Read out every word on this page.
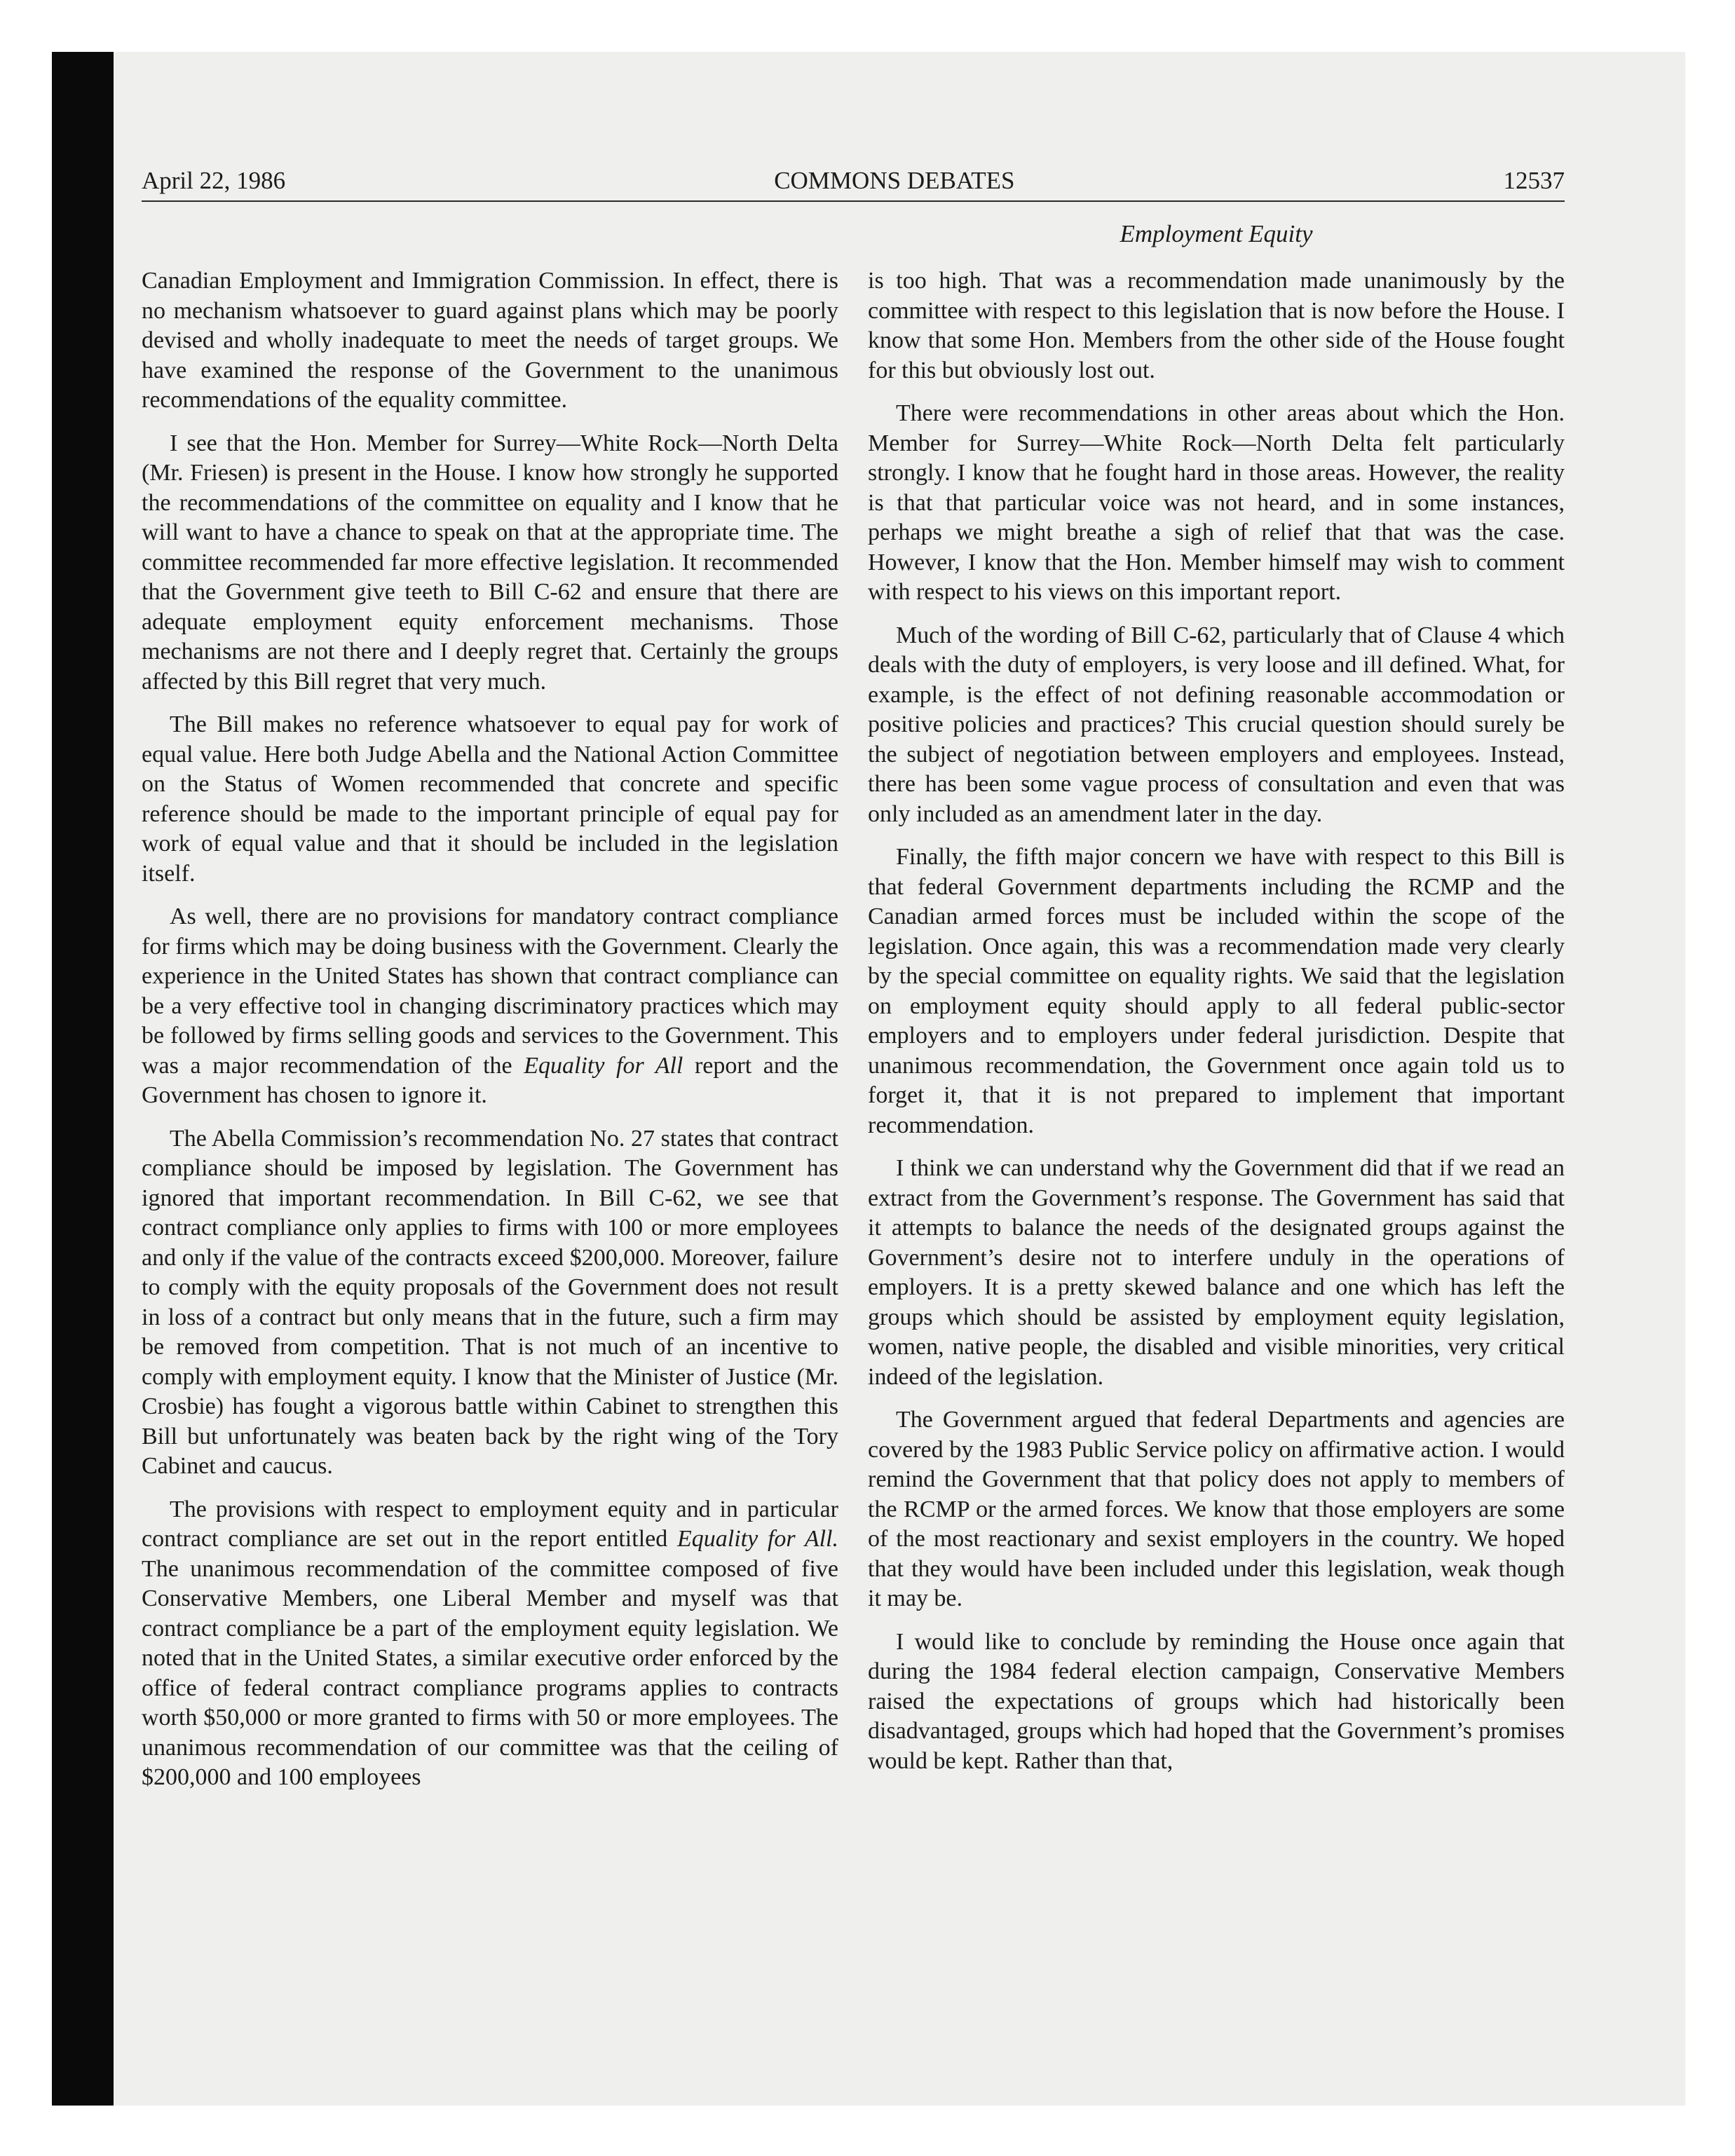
April 22, 1986	COMMONS DEBATES	12537
Employment Equity

Canadian Employment and Immigration Commission. In effect, there is no mechanism whatsoever to guard against plans which may be poorly devised and wholly inadequate to meet the needs of target groups. We have examined the response of the Government to the unanimous recommendations of the equality committee.

I see that the Hon. Member for Surrey—White Rock—North Delta (Mr. Friesen) is present in the House. I know how strongly he supported the recommendations of the committee on equality and I know that he will want to have a chance to speak on that at the appropriate time. The committee recommended far more effective legislation. It recommended that the Government give teeth to Bill C-62 and ensure that there are adequate employment equity enforcement mechanisms. Those mechanisms are not there and I deeply regret that. Certainly the groups affected by this Bill regret that very much.

The Bill makes no reference whatsoever to equal pay for work of equal value. Here both Judge Abella and the National Action Committee on the Status of Women recommended that concrete and specific reference should be made to the important principle of equal pay for work of equal value and that it should be included in the legislation itself.

As well, there are no provisions for mandatory contract compliance for firms which may be doing business with the Government. Clearly the experience in the United States has shown that contract compliance can be a very effective tool in changing discriminatory practices which may be followed by firms selling goods and services to the Government. This was a major recommendation of the Equality for All report and the Government has chosen to ignore it.

The Abella Commission’s recommendation No. 27 states that contract compliance should be imposed by legislation. The Government has ignored that important recommendation. In Bill C-62, we see that contract compliance only applies to firms with 100 or more employees and only if the value of the contracts exceed $200,000. Moreover, failure to comply with the equity proposals of the Government does not result in loss of a contract but only means that in the future, such a firm may be removed from competition. That is not much of an incentive to comply with employment equity. I know that the Minister of Justice (Mr. Crosbie) has fought a vigorous battle within Cabinet to strengthen this Bill but unfortunately was beaten back by the right wing of the Tory Cabinet and caucus.

The provisions with respect to employment equity and in particular contract compliance are set out in the report entitled Equality for All. The unanimous recommendation of the committee composed of five Conservative Members, one Liberal Member and myself was that contract compliance be a part of the employment equity legislation. We noted that in the United States, a similar executive order enforced by the office of federal contract compliance programs applies to contracts worth $50,000 or more granted to firms with 50 or more employees. The unanimous recommendation of our committee was that the ceiling of $200,000 and 100 employees

is too high. That was a recommendation made unanimously by the committee with respect to this legislation that is now before the House. I know that some Hon. Members from the other side of the House fought for this but obviously lost out.

There were recommendations in other areas about which the Hon. Member for Surrey—White Rock—North Delta felt particularly strongly. I know that he fought hard in those areas. However, the reality is that that particular voice was not heard, and in some instances, perhaps we might breathe a sigh of relief that that was the case. However, I know that the Hon. Member himself may wish to comment with respect to his views on this important report.

Much of the wording of Bill C-62, particularly that of Clause 4 which deals with the duty of employers, is very loose and ill defined. What, for example, is the effect of not defining reasonable accommodation or positive policies and practices? This crucial question should surely be the subject of negotiation between employers and employees. Instead, there has been some vague process of consultation and even that was only included as an amendment later in the day.

Finally, the fifth major concern we have with respect to this Bill is that federal Government departments including the RCMP and the Canadian armed forces must be included within the scope of the legislation. Once again, this was a recommendation made very clearly by the special committee on equality rights. We said that the legislation on employment equity should apply to all federal public-sector employers and to employers under federal jurisdiction. Despite that unanimous recommendation, the Government once again told us to forget it, that it is not prepared to implement that important recommendation.

I think we can understand why the Government did that if we read an extract from the Government’s response. The Government has said that it attempts to balance the needs of the designated groups against the Government’s desire not to interfere unduly in the operations of employers. It is a pretty skewed balance and one which has left the groups which should be assisted by employment equity legislation, women, native people, the disabled and visible minorities, very critical indeed of the legislation.

The Government argued that federal Departments and agencies are covered by the 1983 Public Service policy on affirmative action. I would remind the Government that that policy does not apply to members of the RCMP or the armed forces. We know that those employers are some of the most reactionary and sexist employers in the country. We hoped that they would have been included under this legislation, weak though it may be.

I would like to conclude by reminding the House once again that during the 1984 federal election campaign, Conservative Members raised the expectations of groups which had historically been disadvantaged, groups which had hoped that the Government’s promises would be kept. Rather than that,
